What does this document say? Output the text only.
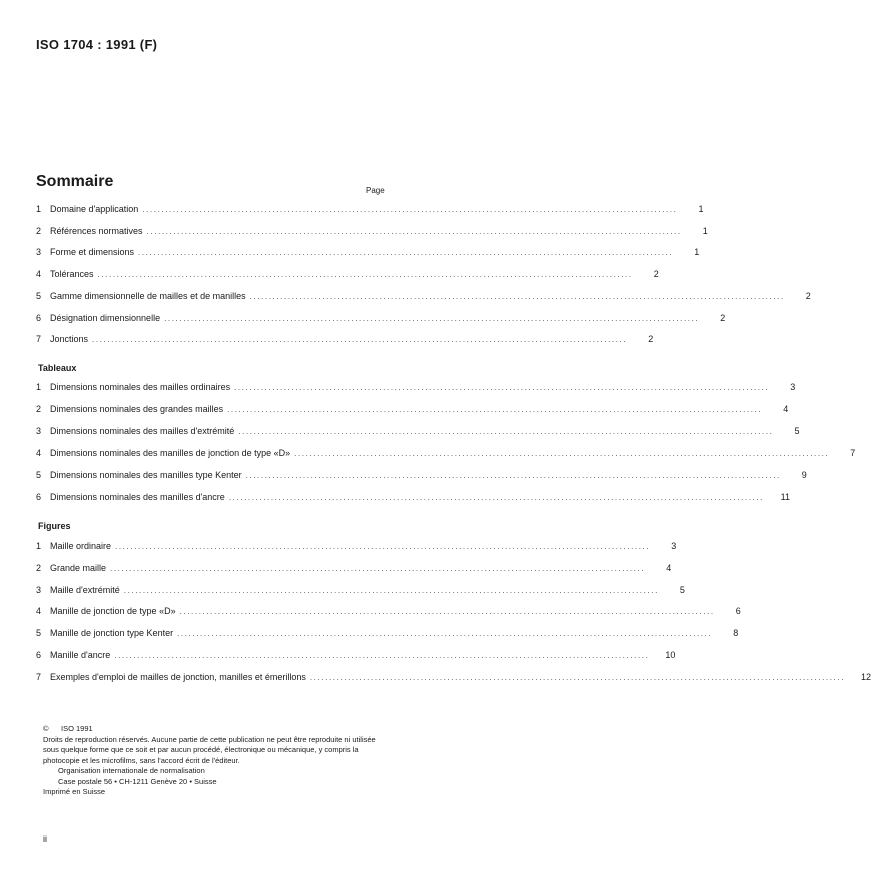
ISO 1704 : 1991 (F)
Sommaire
Page
1 Domaine d'application ............................................................................................................................................	1
2 Références normatives ............................................................................................................................................	1
3 Forme et dimensions ............................................................................................................................................	1
4 Tolérances ............................................................................................................................................	2
5 Gamme dimensionnelle de mailles et de manilles ............................................................................................................................................	2
6 Désignation dimensionnelle ............................................................................................................................................	2
7 Jonctions ............................................................................................................................................	2
Tableaux
1 Dimensions nominales des mailles ordinaires ............................................................................................................................................	3
2 Dimensions nominales des grandes mailles ............................................................................................................................................	4
3 Dimensions nominales des mailles d'extrémité ............................................................................................................................................	5
4 Dimensions nominales des manilles de jonction de type «D» ............................................................................................................................................	7
5 Dimensions nominales des manilles type Kenter ............................................................................................................................................	9
6 Dimensions nominales des manilles d'ancre ............................................................................................................................................	11
Figures
1 Maille ordinaire ............................................................................................................................................	3
2 Grande maille ............................................................................................................................................	4
3 Maille d'extrémité ............................................................................................................................................	5
4 Manille de jonction de type «D» ............................................................................................................................................	6
5 Manille de jonction type Kenter ............................................................................................................................................	8
6 Manille d'ancre ............................................................................................................................................	10
7 Exemples d'emploi de mailles de jonction, manilles et émerillons ............................................................................................................................................	12

© ISO 1991

Droits de reproduction réservés. Aucune partie de cette publication ne peut être reproduite ni utilisée sous quelque forme que ce soit et par aucun procédé, électronique ou mécanique, y compris la photocopie et les microfilms, sans l'accord écrit de l'éditeur.

Organisation internationale de normalisation

Case postale 56 • CH-1211 Genève 20 • Suisse

Imprimé en Suisse

ii
